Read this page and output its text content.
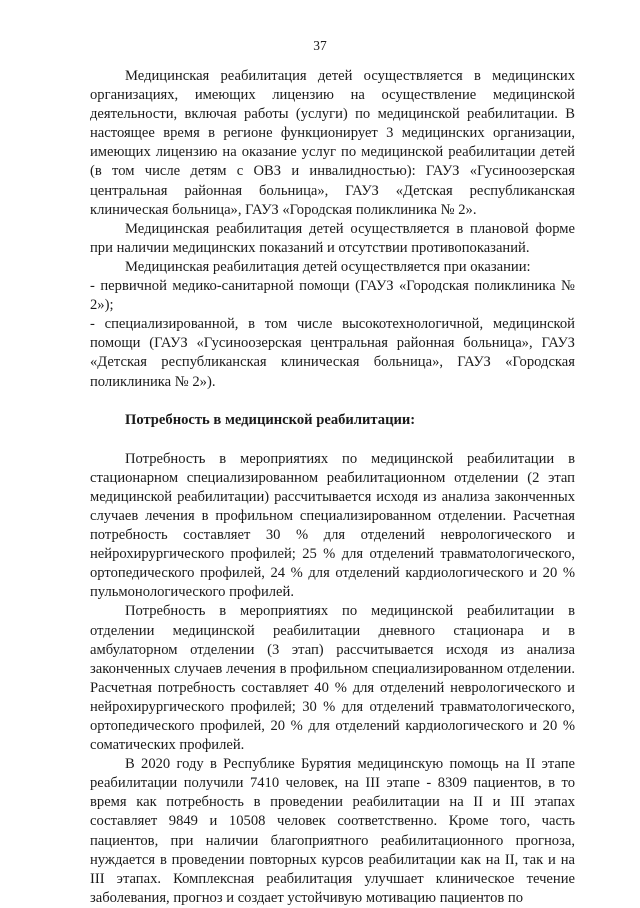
37

Медицинская реабилитация детей осуществляется в медицинских организациях, имеющих лицензию на осуществление медицинской деятельности, включая работы (услуги) по медицинской реабилитации. В настоящее время в регионе функционирует 3 медицинских организации, имеющих лицензию на оказание услуг по медицинской реабилитации детей (в том числе детям с ОВЗ и инвалидностью): ГАУЗ «Гусиноозерская центральная районная больница», ГАУЗ «Детская республиканская клиническая больница», ГАУЗ «Городская поликлиника № 2».

Медицинская реабилитация детей осуществляется в плановой форме при наличии медицинских показаний и отсутствии противопоказаний.

Медицинская реабилитация детей осуществляется при оказании:

- первичной медико-санитарной помощи (ГАУЗ «Городская поликлиника № 2»);

- специализированной, в том числе высокотехнологичной, медицинской помощи (ГАУЗ «Гусиноозерская центральная районная больница», ГАУЗ «Детская республиканская клиническая больница», ГАУЗ «Городская поликлиника № 2»).

Потребность в медицинской реабилитации:

Потребность в мероприятиях по медицинской реабилитации в стационарном специализированном реабилитационном отделении (2 этап медицинской реабилитации) рассчитывается исходя из анализа законченных случаев лечения в профильном специализированном отделении. Расчетная потребность составляет 30 % для отделений неврологического и нейрохирургического профилей; 25 % для отделений травматологического, ортопедического профилей, 24 % для отделений кардиологического и 20 % пульмонологического профилей.

Потребность в мероприятиях по медицинской реабилитации в отделении медицинской реабилитации дневного стационара и в амбулаторном отделении (3 этап) рассчитывается исходя из анализа законченных случаев лечения в профильном специализированном отделении. Расчетная потребность составляет 40 % для отделений неврологического и нейрохирургического профилей; 30 % для отделений травматологического, ортопедического профилей, 20 % для отделений кардиологического и 20 % соматических профилей.

В 2020 году в Республике Бурятия медицинскую помощь на II этапе реабилитации получили 7410 человек, на III этапе - 8309 пациентов, в то время как потребность в проведении реабилитации на II и III этапах составляет 9849 и 10508 человек соответственно. Кроме того, часть пациентов, при наличии благоприятного реабилитационного прогноза, нуждается в проведении повторных курсов реабилитации как на II, так и на III этапах. Комплексная реабилитация улучшает клиническое течение заболевания, прогноз и создает устойчивую мотивацию пациентов по
